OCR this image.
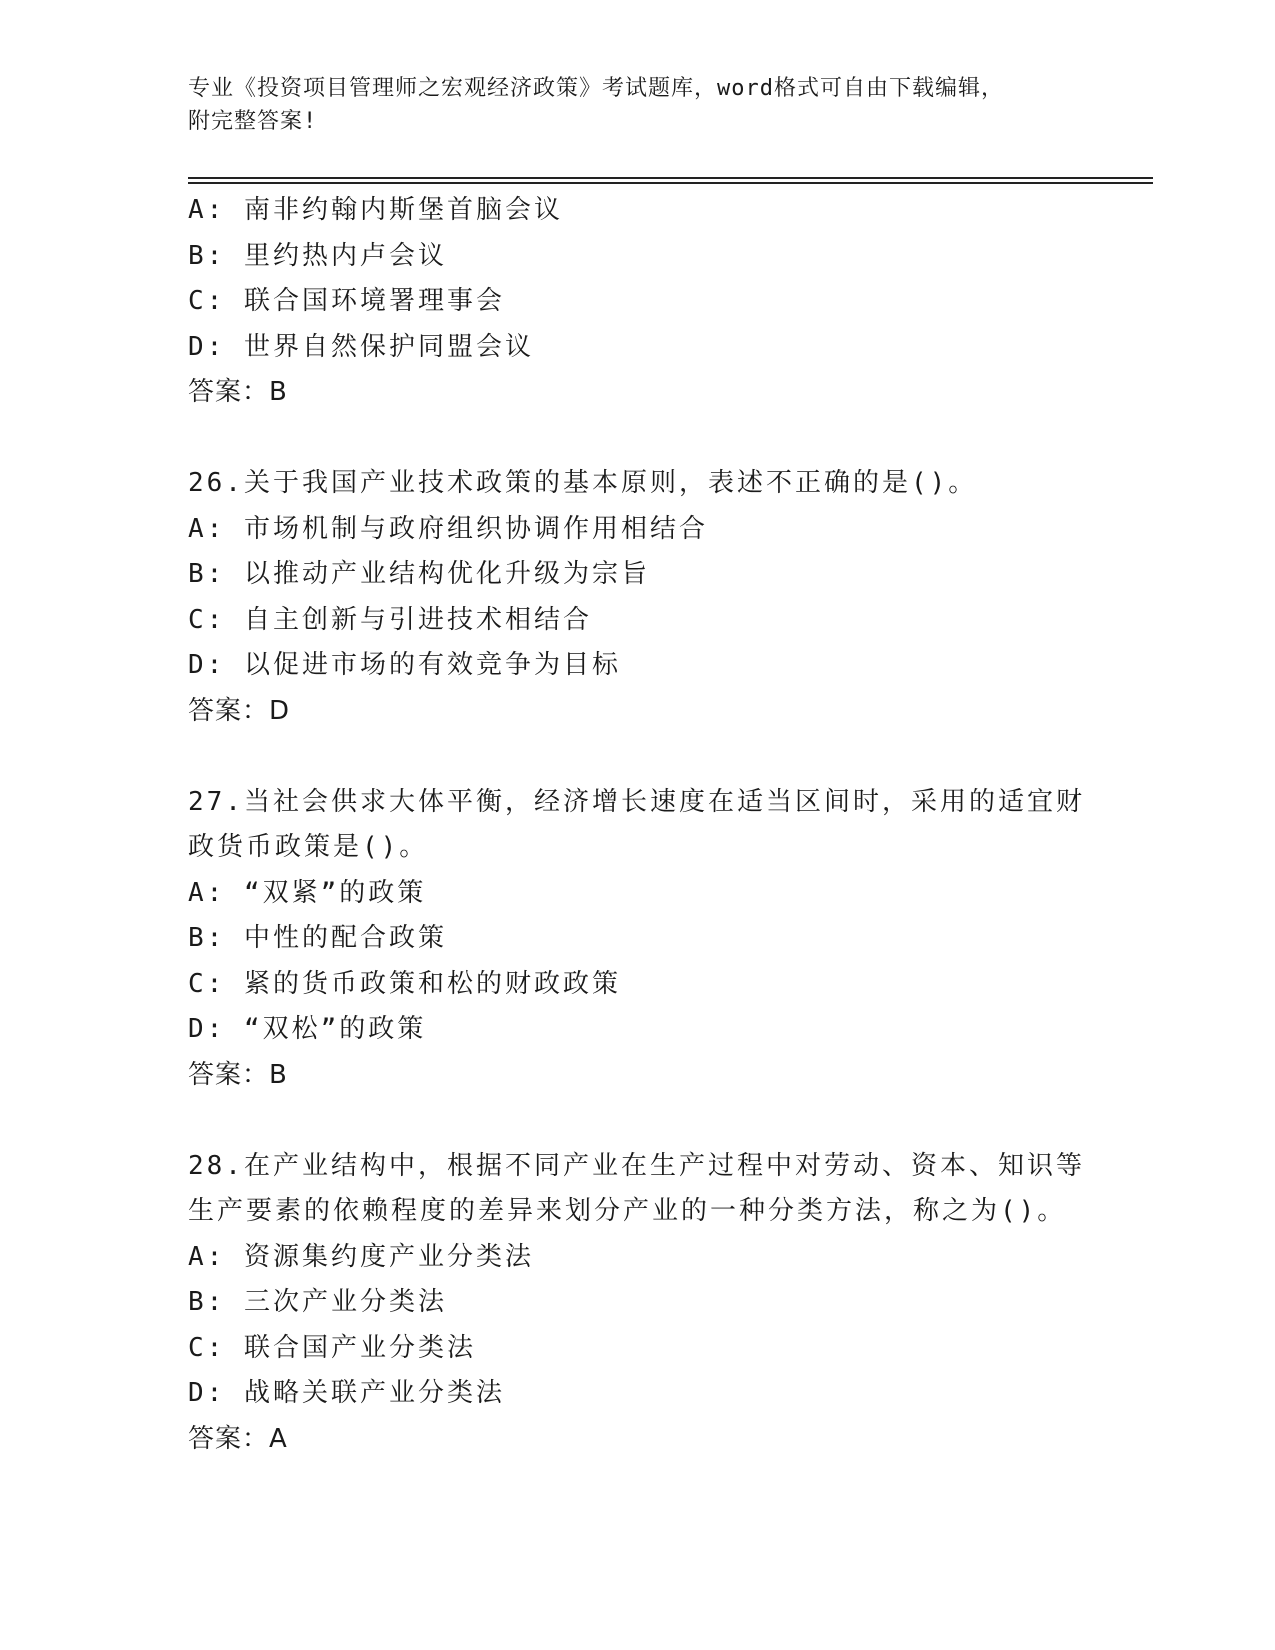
专业《投资项目管理师之宏观经济政策》考试题库，word格式可自由下载编辑，
附完整答案!
A: 南非约翰内斯堡首脑会议
B: 里约热内卢会议
C: 联合国环境署理事会
D: 世界自然保护同盟会议
答案：B
26.关于我国产业技术政策的基本原则，表述不正确的是()。
A: 市场机制与政府组织协调作用相结合
B: 以推动产业结构优化升级为宗旨
C: 自主创新与引进技术相结合
D: 以促进市场的有效竞争为目标
答案：D
27.当社会供求大体平衡，经济增长速度在适当区间时，采用的适宜财
政货币政策是()。
A: “双紧”的政策
B: 中性的配合政策
C: 紧的货币政策和松的财政政策
D: “双松”的政策
答案：B
28.在产业结构中，根据不同产业在生产过程中对劳动、资本、知识等
生产要素的依赖程度的差异来划分产业的一种分类方法，称之为()。
A: 资源集约度产业分类法
B: 三次产业分类法
C: 联合国产业分类法
D: 战略关联产业分类法
答案：A
